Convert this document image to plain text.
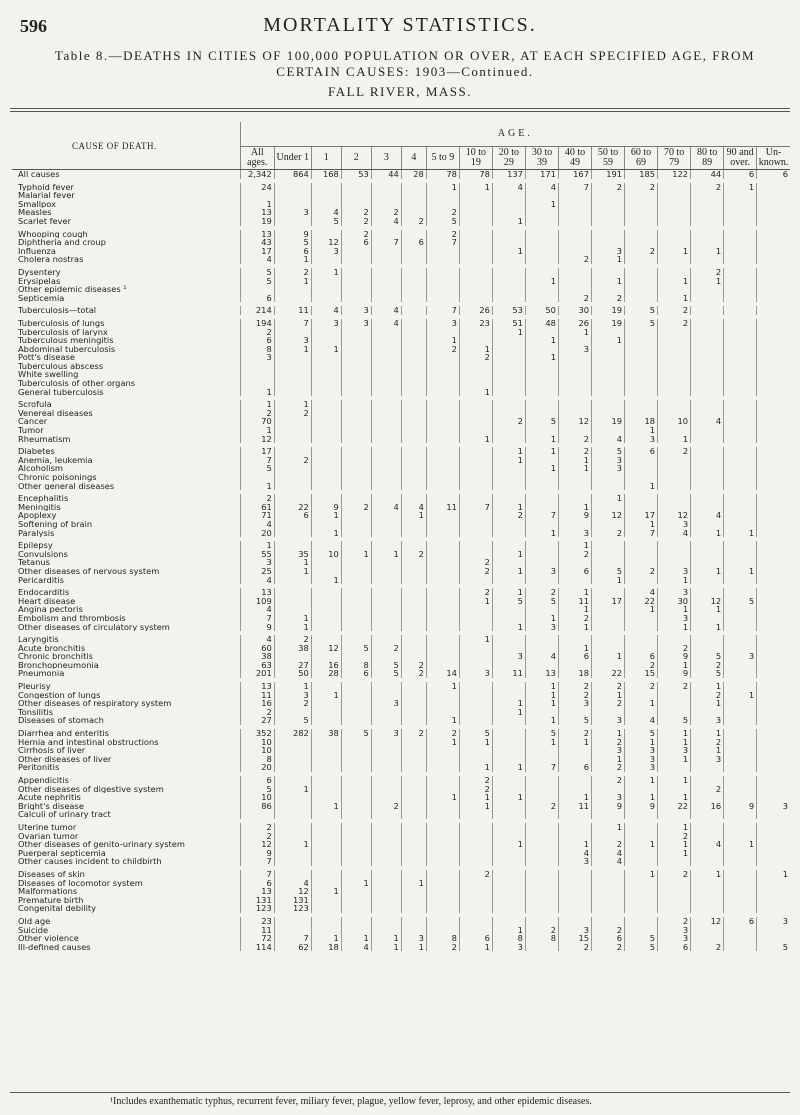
596	MORTALITY STATISTICS.
Table 8.—DEATHS IN CITIES OF 100,000 POPULATION OR OVER, AT EACH SPECIFIED AGE, FROM CERTAIN CAUSES: 1903—Continued.
FALL RIVER, MASS.
CAUSE OF DEATH.	AGE.																
	All ages.	Under 1	1	2	3	4	5 to 9	10 to 19	20 to 29	30 to 39	40 to 49	50 to 59	60 to 69	70 to 79	80 to 89	90 and over.	Un-known.
All causes	2,342	864	168	53	44	28	78	78	137	171	167	191	185	122	44	6	6

Typhoid fever	24						1	1	4	4	7	2	2		2	1	
Malarial fever																	
Smallpox	1									1							
Measles	13	3	4	2	2		2										
Scarlet fever	19		5	2	4	2	5		1								

Whooping cough	13	9		2			2										
Diphtheria and croup	43	5	12	6	7	6	7										
Influenza	17	6	3						1			3	2	1	1		
Cholera nostras	4	1									2	1					

Dysentery	5	2	1												2		
Erysipelas	5	1								1		1		1	1		
Other epidemic diseases ¹																	
Septicemia	6										2	2		1			

Tuberculosis—total	214	11	4	3	4		7	26	53	50	30	19	5	2			

Tuberculosis of lungs	194	7	3	3	4		3	23	51	48	26	19	5	2			
Tuberculosis of larynx	2								1		1						
Tuberculous meningitis	6	3					1			1		1					
Abdominal tuberculosis	8	1	1				2	1			3						
Pott's disease	3							2		1							
Tuberculous abscess																	
White swelling																	
Tuberculosis of other organs																	
General tuberculosis	1							1									

Scrofula	1	1															
Venereal diseases	2	2															
Cancer	70								2	5	12	19	18	10	4		
Tumor	1												1				
Rheumatism	12							1		1	2	4	3	1			

Diabetes	17								1	1	2	5	6	2			
Anemia, leukemia	7	2							1		1	3					
Alcoholism	5									1	1	3					
Chronic poisonings																	
Other general diseases	1												1				

Encephalitis	2											1					
Meningitis	61	22	9	2	4	4	11	7	1		1						
Apoplexy	71	6	1			1			2	7	9	12	17	12	4		
Softening of brain	4												1	3			
Paralysis	20		1							1	3	2	7	4	1	1	

Epilepsy	1										1						
Convulsions	55	35	10	1	1	2			1		2						
Tetanus	3	1						2									
Other diseases of nervous system	25	1						2	1	3	6	5	2	3	1	1	
Pericarditis	4		1									1		1			

Endocarditis	13							2	1	2	1		4	3			
Heart disease	109							1	5	5	11	17	22	30	12	5	
Angina pectoris	4										1		1	1	1		
Embolism and thrombosis	7	1								1	2			3			
Other diseases of circulatory system	9	1							1	3	1			1	1		

Laryngitis	4	2						1									
Acute bronchitis	60	38	12	5	2						1			2			
Chronic bronchitis	38								3	4	6	1	6	9	5	3	
Bronchopneumonia	63	27	16	8	5	2							2	1	2		
Pneumonia	201	50	28	6	5	2	14	3	11	13	18	22	15	9	5		

Pleurisy	13	1					1			1	2	2	2	2	1		
Congestion of lungs	11	3	1							1	2	1			2	1	
Other diseases of respiratory system	16	2			3				1	1	3	2	1		1		
Tonsilitis	2								1								
Diseases of stomach	27	5					1			1	5	3	4	5	3		

Diarrhea and enteritis	352	282	38	5	3	2	2	5		5	2	1	5	1	1		
Hernia and intestinal obstructions	10						1	1		1	1	2	1	1	2		
Cirrhosis of liver	10											3	3	3	1		
Other diseases of liver	8											1	3	1	3		
Peritonitis	20							1	1	7	6	2	3				

Appendicitis	6							2				2	1	1			
Other diseases of digestive system	5	1						2							2		
Acute nephritis	10						1	1	1		1	3	1	1			
Bright's disease	86		1		2			1		2	11	9	9	22	16	9	3
Calculi of urinary tract																	

Uterine tumor	2											1		1			
Ovarian tumor	2													2			
Other diseases of genito-urinary system	12	1							1		1	2	1	1	4	1	
Puerperal septicemia	9										4	4		1			
Other causes incident to childbirth	7										3	4					

Diseases of skin	7							2					1	2	1		1
Diseases of locomotor system	6	4		1		1											
Malformations	13	12	1														
Premature birth	131	131															
Congenital debility	123	123															

Old age	23													2	12	6	3
Suicide	11								1	2	3	2		3			
Other violence	72	7	1	1	1	3	8	6	8	8	15	6	5	3			
Ill-defined causes	114	62	18	4	1	1	2	1	3		2	2	5	6	2		5
¹Includes exanthematic typhus, recurrent fever, miliary fever, plague, yellow fever, leprosy, and other epidemic diseases.
